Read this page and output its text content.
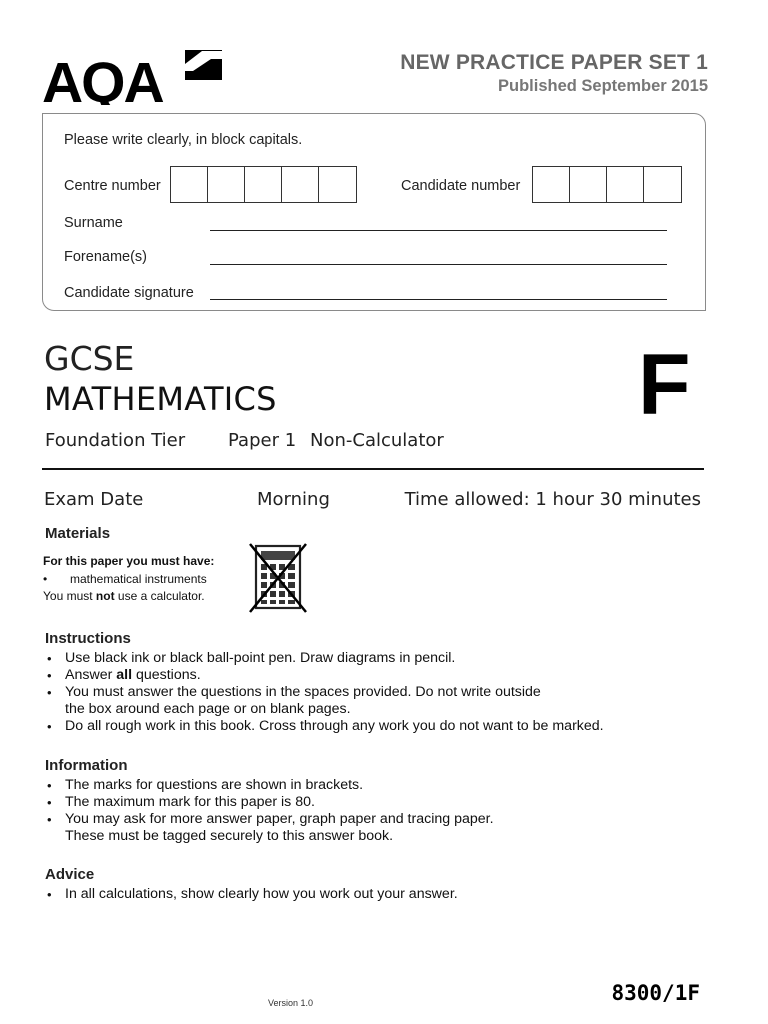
AQA	NEW PRACTICE PAPER SET 1
Published September 2015
Please write clearly, in block capitals.
Centre number	Candidate number
Surname
Forename(s)
Candidate signature
GCSE
MATHEMATICS	F
Foundation Tier Paper 1 Non-Calculator
Exam Date	Morning	Time allowed: 1 hour 30 minutes
Materials
For this paper you must have:
• mathematical instruments
You must not use a calculator.
Instructions
• Use black ink or black ball-point pen. Draw diagrams in pencil.
• Answer all questions.
• You must answer the questions in the spaces provided. Do not write outside
the box around each page or on blank pages.
• Do all rough work in this book. Cross through any work you do not want to be marked.
Information
• The marks for questions are shown in brackets.
• The maximum mark for this paper is 80.
• You may ask for more answer paper, graph paper and tracing paper.
These must be tagged securely to this answer book.
Advice
• In all calculations, show clearly how you work out your answer.
Version 1.0	8300/1F
